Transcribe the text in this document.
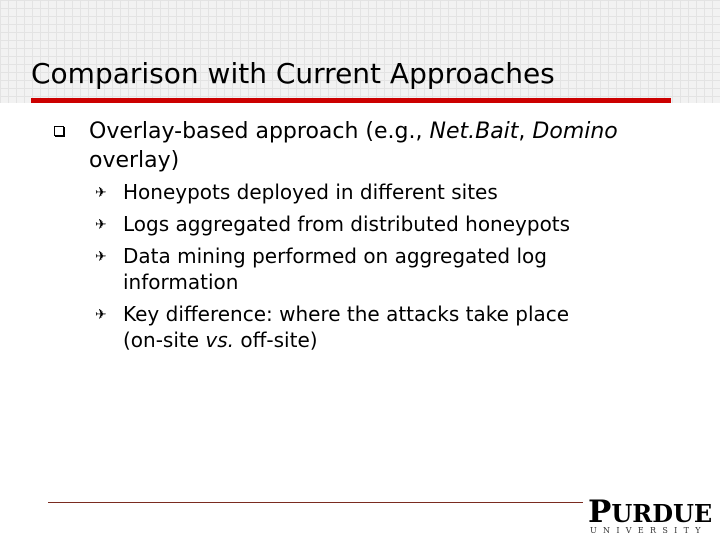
Comparison with Current Approaches
Overlay-based approach (e.g., Net.Bait, Domino overlay)
✈ Honeypots deployed in different sites
✈ Logs aggregated from distributed honeypots
✈ Data mining performed on aggregated log
information
✈ Key difference: where the attacks take place
(on-site vs. off-site)
PURDUE
UNIVERSITY
